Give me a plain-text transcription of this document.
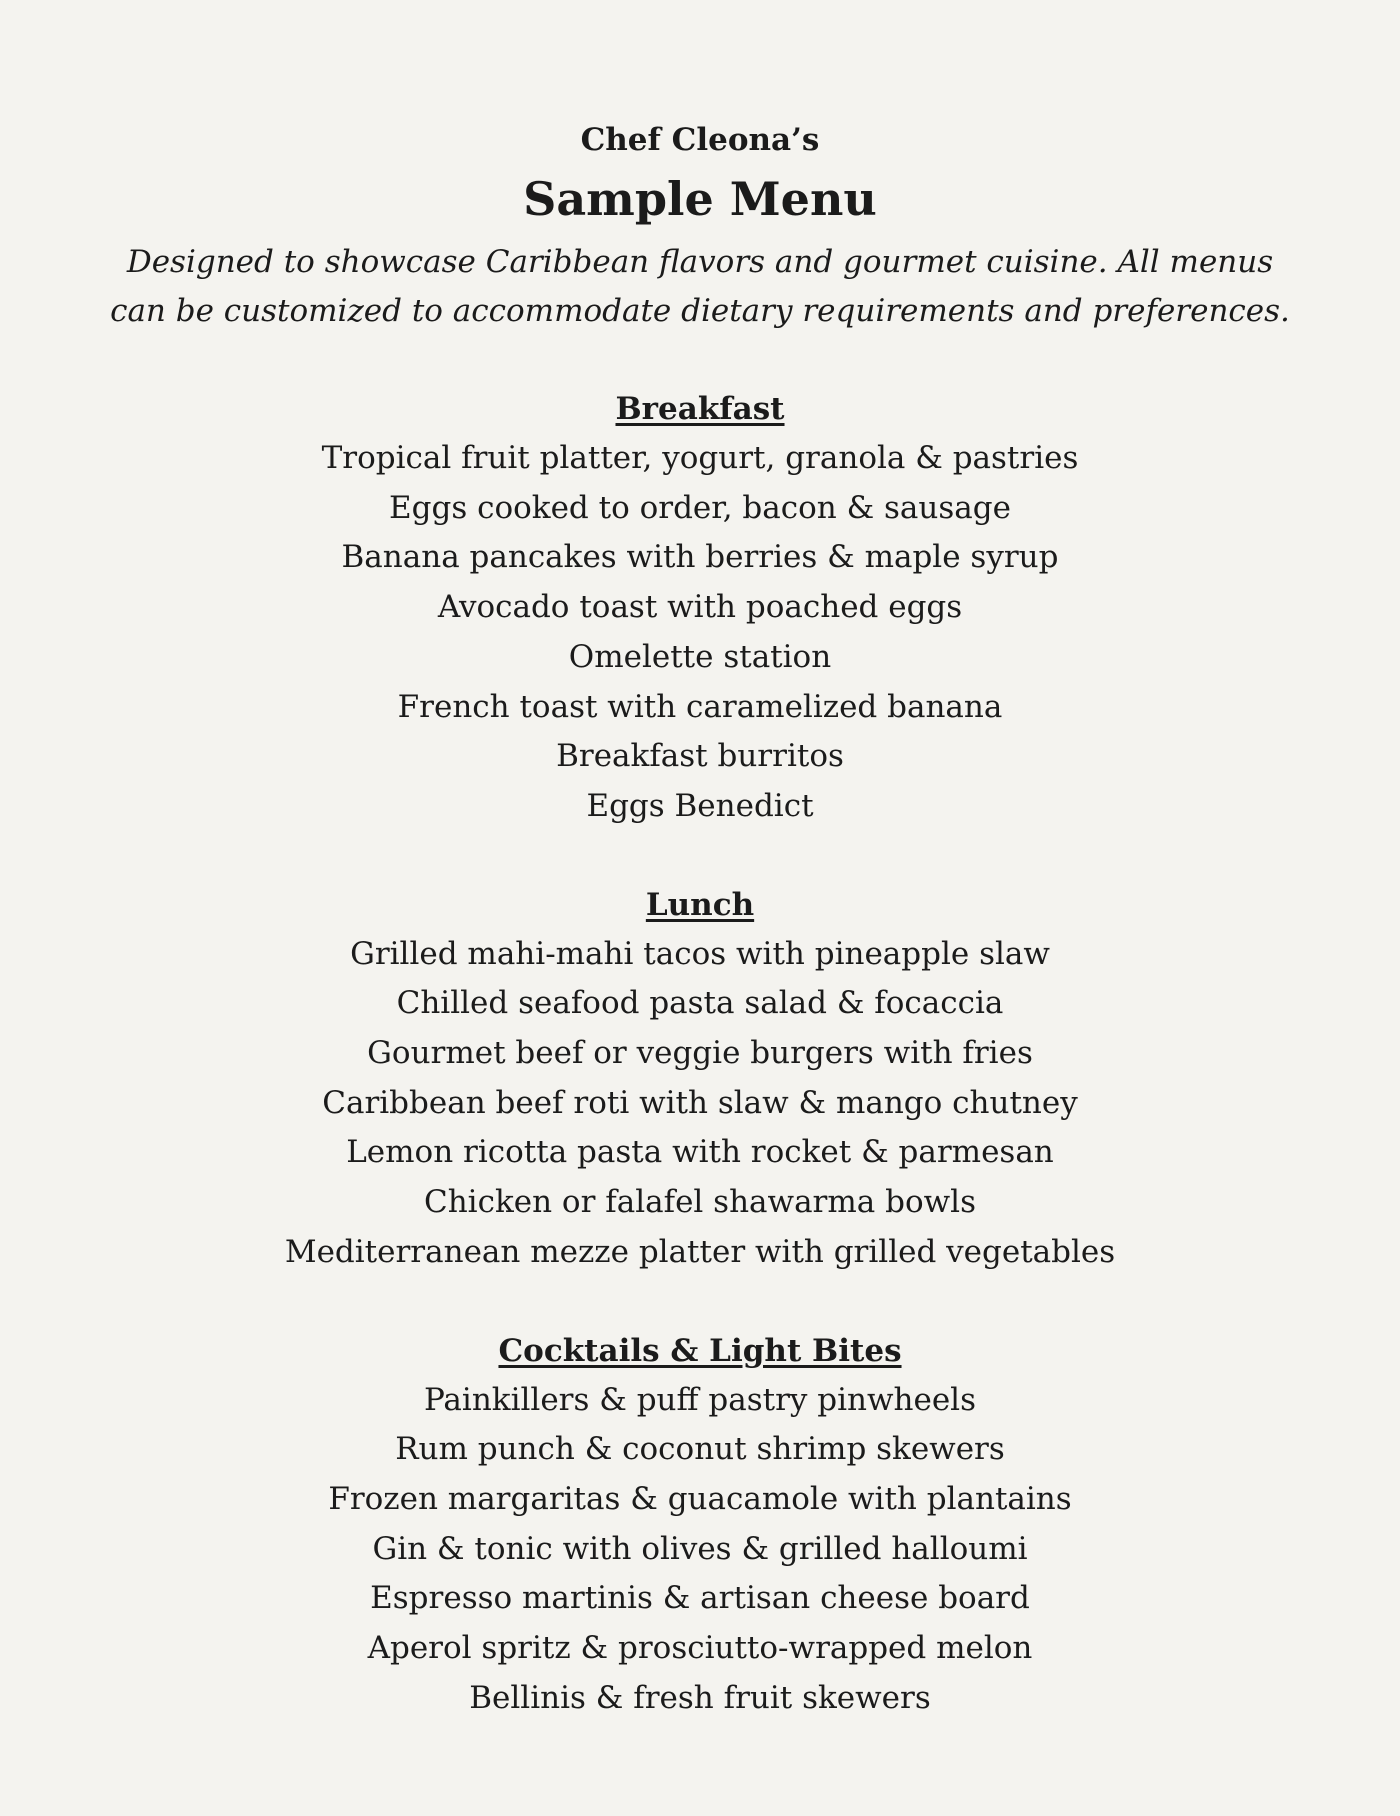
Chef Cleona’s
Sample Menu
Designed to showcase Caribbean flavors and gourmet cuisine. All menus can be customized to accommodate dietary requirements and preferences.
Breakfast
Tropical fruit platter, yogurt, granola & pastries
Eggs cooked to order, bacon & sausage
Banana pancakes with berries & maple syrup
Avocado toast with poached eggs
Omelette station
French toast with caramelized banana
Breakfast burritos
Eggs Benedict
Lunch
Grilled mahi-mahi tacos with pineapple slaw
Chilled seafood pasta salad & focaccia
Gourmet beef or veggie burgers with fries
Caribbean beef roti with slaw & mango chutney
Lemon ricotta pasta with rocket & parmesan
Chicken or falafel shawarma bowls
Mediterranean mezze platter with grilled vegetables
Cocktails & Light Bites
Painkillers & puff pastry pinwheels
Rum punch & coconut shrimp skewers
Frozen margaritas & guacamole with plantains
Gin & tonic with olives & grilled halloumi
Espresso martinis & artisan cheese board
Aperol spritz & prosciutto-wrapped melon
Bellinis & fresh fruit skewers
